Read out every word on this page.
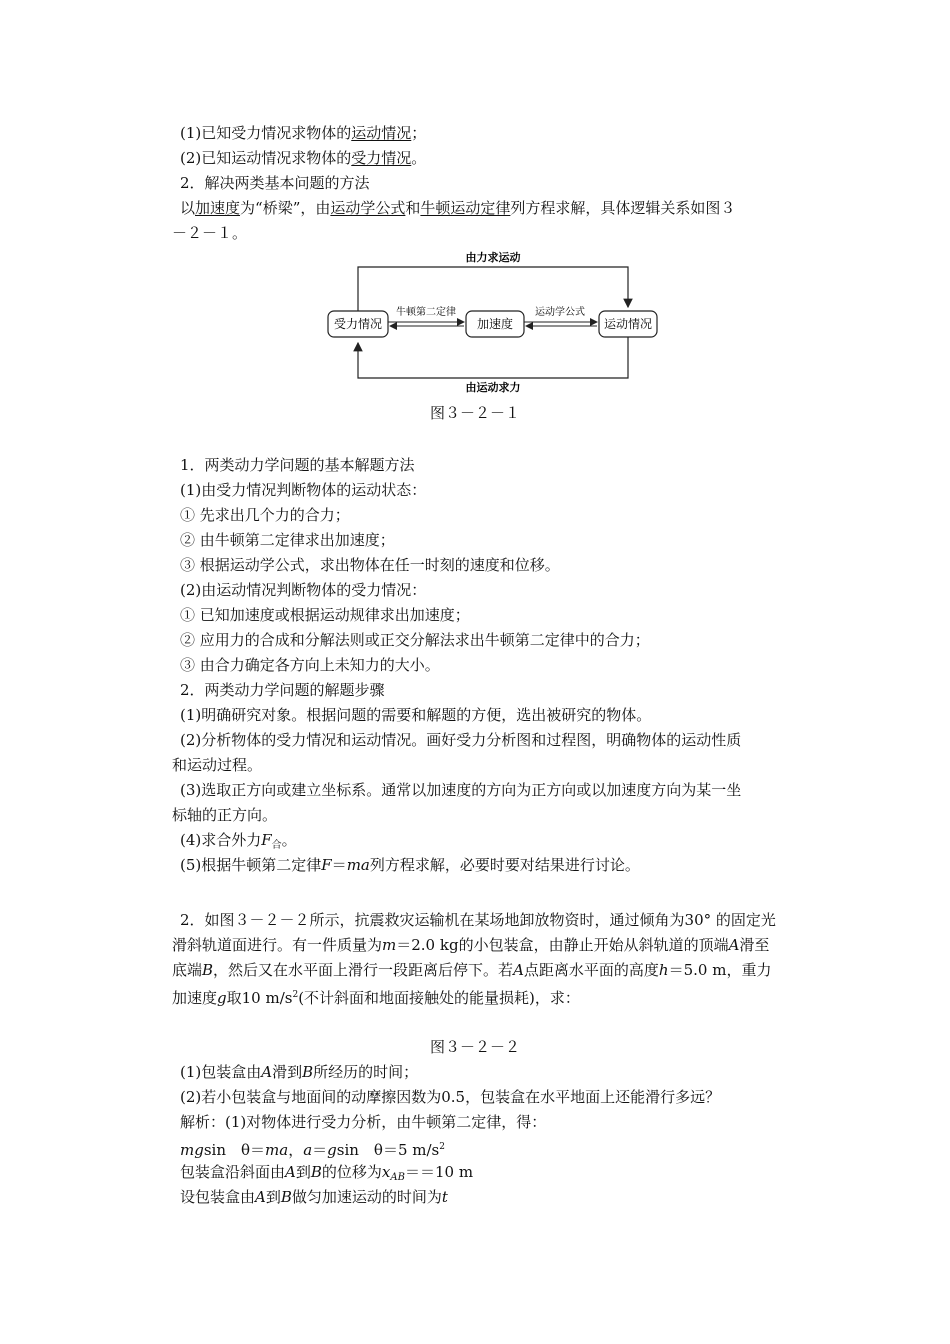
(1)已知受力情况求物体的运动情况；
(2)已知运动情况求物体的受力情况。
2．解决两类基本问题的方法
以加速度为“桥梁”，由运动学公式和牛顿运动定律列方程求解，具体逻辑关系如图３
－２－１。
由力求运动
由运动求力
受力情况	加速度	运动情况
牛顿第二定律	运动学公式
图３－２－１
1．两类动力学问题的基本解题方法
(1)由受力情况判断物体的运动状态：
① 先求出几个力的合力；
② 由牛顿第二定律求出加速度；
③ 根据运动学公式，求出物体在任一时刻的速度和位移。
(2)由运动情况判断物体的受力情况：
① 已知加速度或根据运动规律求出加速度；
② 应用力的合成和分解法则或正交分解法求出牛顿第二定律中的合力；
③ 由合力确定各方向上未知力的大小。
2．两类动力学问题的解题步骤
(1)明确研究对象。根据问题的需要和解题的方便，选出被研究的物体。
(2)分析物体的受力情况和运动情况。画好受力分析图和过程图，明确物体的运动性质
和运动过程。
(3)选取正方向或建立坐标系。通常以加速度的方向为正方向或以加速度方向为某一坐
标轴的正方向。
(4)求合外力$F_合$。
(5)根据牛顿第二定律F＝ma列方程求解，必要时要对结果进行讨论。
2．如图３－２－２所示，抗震救灾运输机在某场地卸放物资时，通过倾角为30° 的固定光
滑斜轨道面进行。有一件质量为m＝2.0 kg的小包装盒，由静止开始从斜轨道的顶端A滑至
底端B，然后又在水平面上滑行一段距离后停下。若A点距离水平面的高度h＝5.0 m，重力
加速度g取10 $m/s^2$(不计斜面和地面接触处的能量损耗)，求：
图３－２－２
(1)包装盒由A滑到B所经历的时间；
(2)若小包装盒与地面间的动摩擦因数为0.5，包装盒在水平地面上还能滑行多远？
解析：(1)对物体进行受力分析，由牛顿第二定律，得：
mgsin　θ＝ma，a＝gsin　θ＝5 $m/s^2$
包装盒沿斜面由A到B的位移为$x_{AB}==10$ m
设包装盒由A到B做匀加速运动的时间为t
